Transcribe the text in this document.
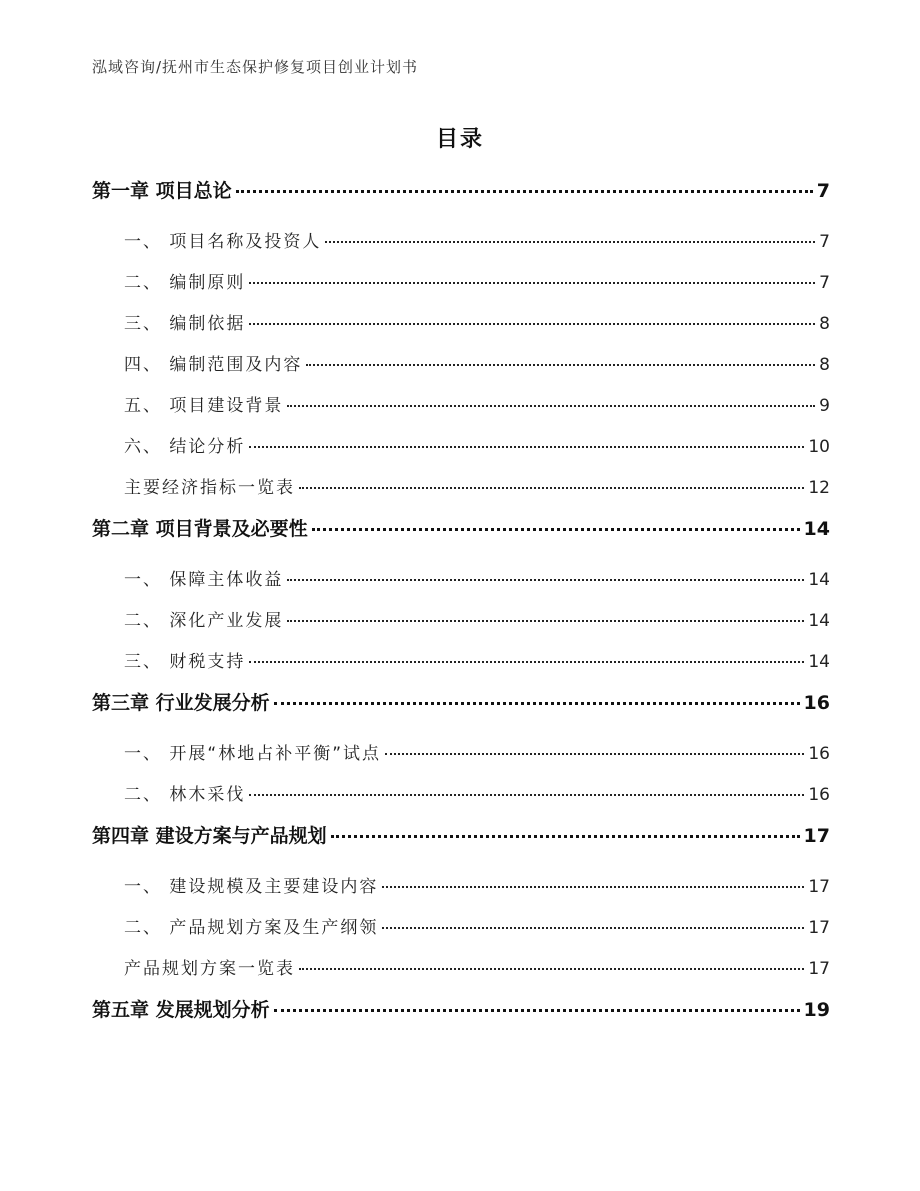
泓域咨询/抚州市生态保护修复项目创业计划书
目录
第一章 项目总论	7
一、 项目名称及投资人	7
二、 编制原则	7
三、 编制依据	8
四、 编制范围及内容	8
五、 项目建设背景	9
六、 结论分析	10
主要经济指标一览表	12
第二章 项目背景及必要性	14
一、 保障主体收益	14
二、 深化产业发展	14
三、 财税支持	14
第三章 行业发展分析	16
一、 开展“林地占补平衡”试点	16
二、 林木采伐	16
第四章 建设方案与产品规划	17
一、 建设规模及主要建设内容	17
二、 产品规划方案及生产纲领	17
产品规划方案一览表	17
第五章 发展规划分析	19
